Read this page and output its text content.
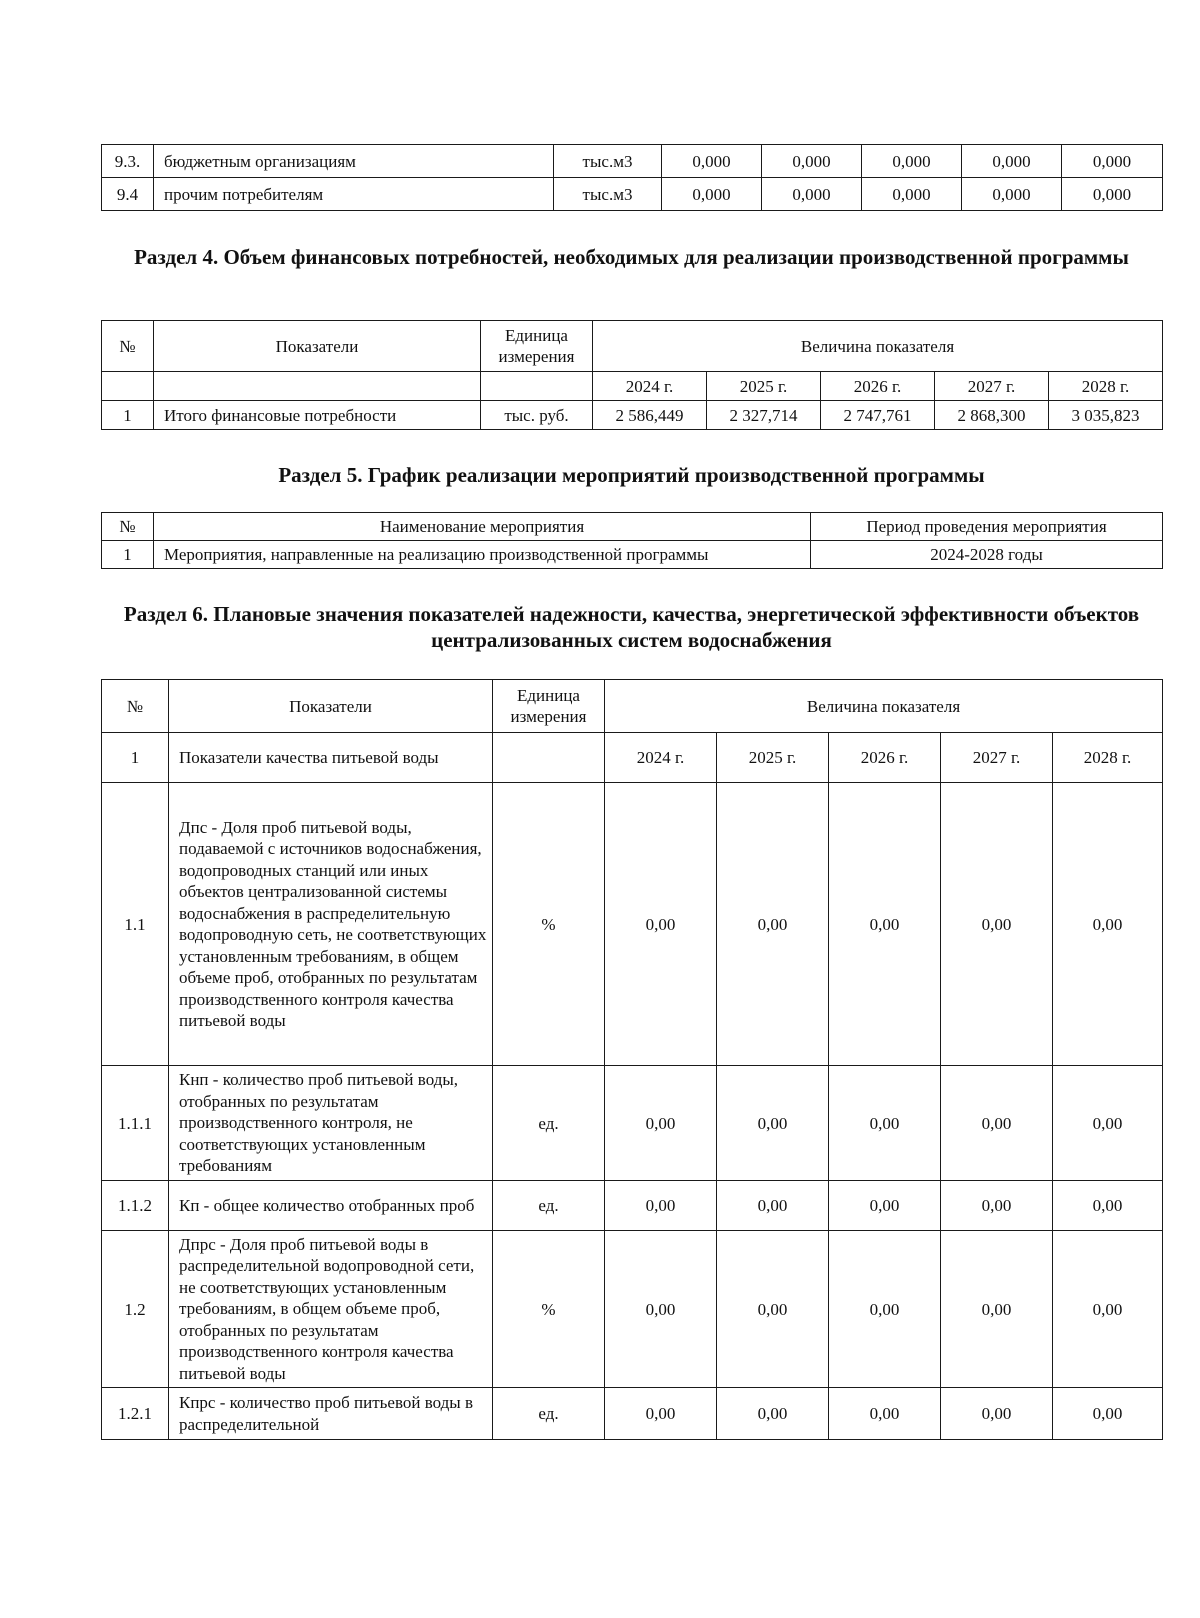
9.3.	бюджетным организациям	тыс.м3	0,000	0,000	0,000	0,000	0,000
9.4	прочим потребителям	тыс.м3	0,000	0,000	0,000	0,000	0,000
Раздел 4. Объем финансовых потребностей, необходимых для реализации производственной программы
№	Показатели	Единица измерения	Величина показателя				
			2024 г.	2025 г.	2026 г.	2027 г.	2028 г.
1	Итого финансовые потребности	тыс. руб.	2 586,449	2 327,714	2 747,761	2 868,300	3 035,823
Раздел 5. График реализации мероприятий производственной программы
№	Наименование мероприятия	Период проведения мероприятия
1	Мероприятия, направленные на реализацию производственной программы	2024-2028 годы
Раздел 6. Плановые значения показателей надежности, качества, энергетической эффективности объектов централизованных систем водоснабжения
№	Показатели	Единица измерения	Величина показателя				
1	Показатели качества питьевой воды		2024 г.	2025 г.	2026 г.	2027 г.	2028 г.
1.1	Дпс - Доля проб питьевой воды, подаваемой с источников водоснабжения, водопроводных станций или иных объектов централизованной системы водоснабжения в распределительную водопроводную сеть, не соответствующих установленным требованиям, в общем объеме проб, отобранных по результатам производственного контроля качества питьевой воды	%	0,00	0,00	0,00	0,00	0,00
1.1.1	Кнп - количество проб питьевой воды, отобранных по результатам производственного контроля, не соответствующих установленным требованиям	ед.	0,00	0,00	0,00	0,00	0,00
1.1.2	Кп - общее количество отобранных проб	ед.	0,00	0,00	0,00	0,00	0,00
1.2	Дпрс - Доля проб питьевой воды в распределительной водопроводной сети, не соответствующих установленным требованиям, в общем объеме проб, отобранных по результатам производственного контроля качества питьевой воды	%	0,00	0,00	0,00	0,00	0,00
1.2.1	Кпрс - количество проб питьевой воды в распределительной	ед.	0,00	0,00	0,00	0,00	0,00
